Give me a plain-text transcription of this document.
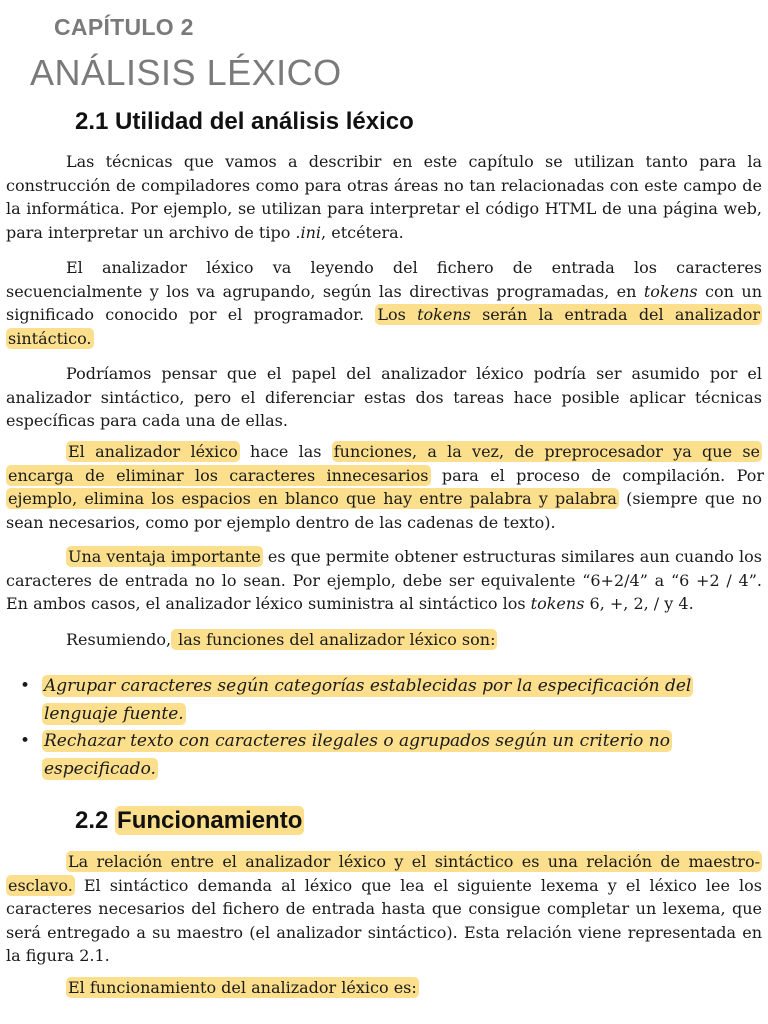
CAPÍTULO 2
ANÁLISIS LÉXICO
2.1 Utilidad del análisis léxico

Las técnicas que vamos a describir en este capítulo se utilizan tanto para la construcción de compiladores como para otras áreas no tan relacionadas con este campo de la informática. Por ejemplo, se utilizan para interpretar el código HTML de una página web, para interpretar un archivo de tipo .ini, etcétera.

El analizador léxico va leyendo del fichero de entrada los caracteres secuencialmente y los va agrupando, según las directivas programadas, en tokens con un significado conocido por el programador. Los tokens serán la entrada del analizador sintáctico.

Podríamos pensar que el papel del analizador léxico podría ser asumido por el analizador sintáctico, pero el diferenciar estas dos tareas hace posible aplicar técnicas específicas para cada una de ellas.

El analizador léxico hace las funciones, a la vez, de preprocesador ya que se encarga de eliminar los caracteres innecesarios para el proceso de compilación. Por ejemplo, elimina los espacios en blanco que hay entre palabra y palabra (siempre que no sean necesarios, como por ejemplo dentro de las cadenas de texto).

Una ventaja importante es que permite obtener estructuras similares aun cuando los caracteres de entrada no lo sean. Por ejemplo, debe ser equivalente “6+2/4” a “6 +2 / 4”. En ambos casos, el analizador léxico suministra al sintáctico los tokens 6, +, 2, / y 4.

Resumiendo, las funciones del analizador léxico son:

• Agrupar caracteres según categorías establecidas por la especificación del lenguaje fuente.
• Rechazar texto con caracteres ilegales o agrupados según un criterio no especificado.
2.2 Funcionamiento

La relación entre el analizador léxico y el sintáctico es una relación de maestro-esclavo. El sintáctico demanda al léxico que lea el siguiente lexema y el léxico lee los caracteres necesarios del fichero de entrada hasta que consigue completar un lexema, que será entregado a su maestro (el analizador sintáctico). Esta relación viene representada en la figura 2.1.

El funcionamiento del analizador léxico es:
